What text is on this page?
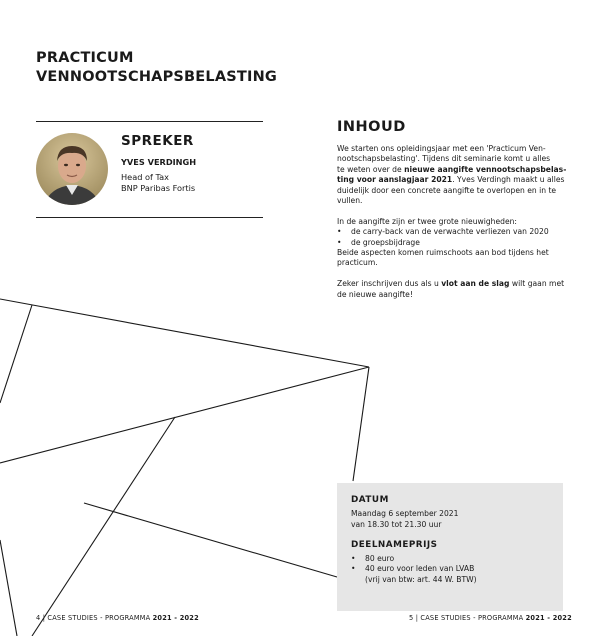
PRACTICUM
VENNOOTSCHAPSBELASTING
SPREKER
YVES VERDINGH
Head of Tax
BNP Paribas Fortis
INHOUD
We starten ons opleidingsjaar met een 'Practicum Ven-
nootschapsbelasting'. Tijdens dit seminarie komt u alles
te weten over de nieuwe aangifte vennootschapsbelas-
ting voor aanslagjaar 2021. Yves Verdingh maakt u alles
duidelijk door een concrete aangifte te overlopen en in te
vullen.
In de aangifte zijn er twee grote nieuwigheden:
•	de carry-back van de verwachte verliezen van 2020
•	de groepsbijdrage
Beide aspecten komen ruimschoots aan bod tijdens het
practicum.
Zeker inschrijven dus als u vlot aan de slag wilt gaan met
de nieuwe aangifte!
DATUM
Maandag 6 september 2021
van 18.30 tot 21.30 uur
DEELNAMEPRIJS
•	80 euro
•	40 euro voor leden van LVAB
(vrij van btw: art. 44 W. BTW)
4 | CASE STUDIES - PROGRAMMA 2021 - 2022	5 | CASE STUDIES - PROGRAMMA 2021 - 2022
